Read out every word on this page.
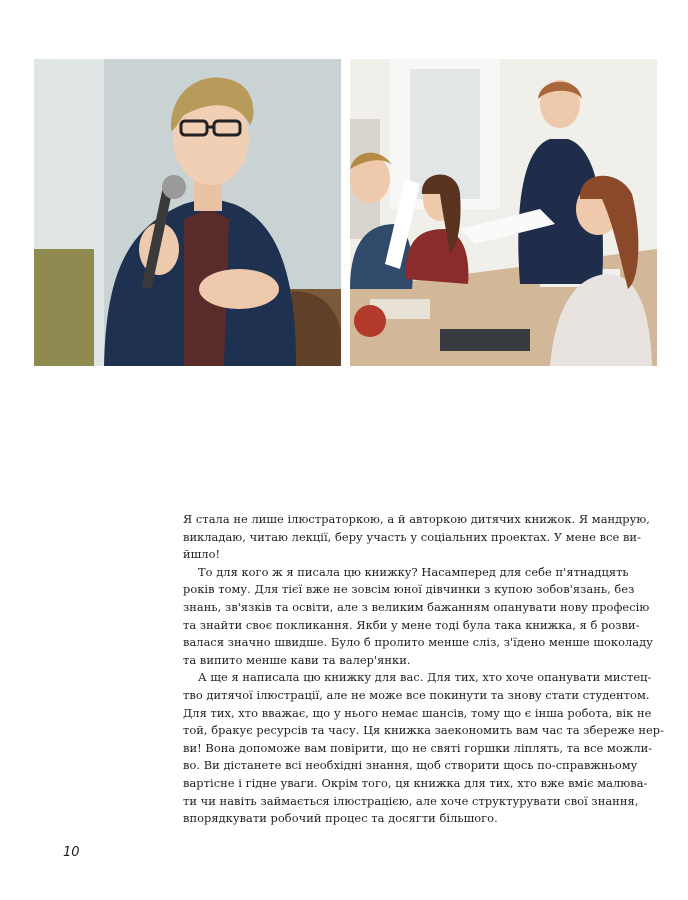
Я стала не лише ілюстраторкою, а й авторкою дитячих книжок. Я мандрую,
викладаю, читаю лекції, беру участь у соціальних проектах. У мене все ви-
йшло!
То для кого ж я писала цю книжку? Насамперед для себе п'ятнадцять
років тому. Для тієї вже не зовсім юної дівчинки з купою зобов'язань, без
знань, зв'язків та освіти, але з великим бажанням опанувати нову професію
та знайти своє покликання. Якби у мене тоді була така книжка, я б розви-
валася значно швидше. Було б пролито менше сліз, з'їдено менше шоколаду
та випито менше кави та валер'янки.
А ще я написала цю книжку для вас. Для тих, хто хоче опанувати мистец-
тво дитячої ілюстрації, але не може все покинути та знову стати студентом.
Для тих, хто вважає, що у нього немає шансів, тому що є інша робота, вік не
той, бракує ресурсів та часу. Ця книжка заекономить вам час та збереже нер-
ви! Вона допоможе вам повірити, що не святі горшки ліплять, та все можли-
во. Ви дістанете всі необхідні знання, щоб створити щось по-справжньому
вартісне і гідне уваги. Окрім того, ця книжка для тих, хто вже вміє малюва-
ти чи навіть займається ілюстрацією, але хоче структурувати свої знання,
впорядкувати робочий процес та досягти більшого.
10
